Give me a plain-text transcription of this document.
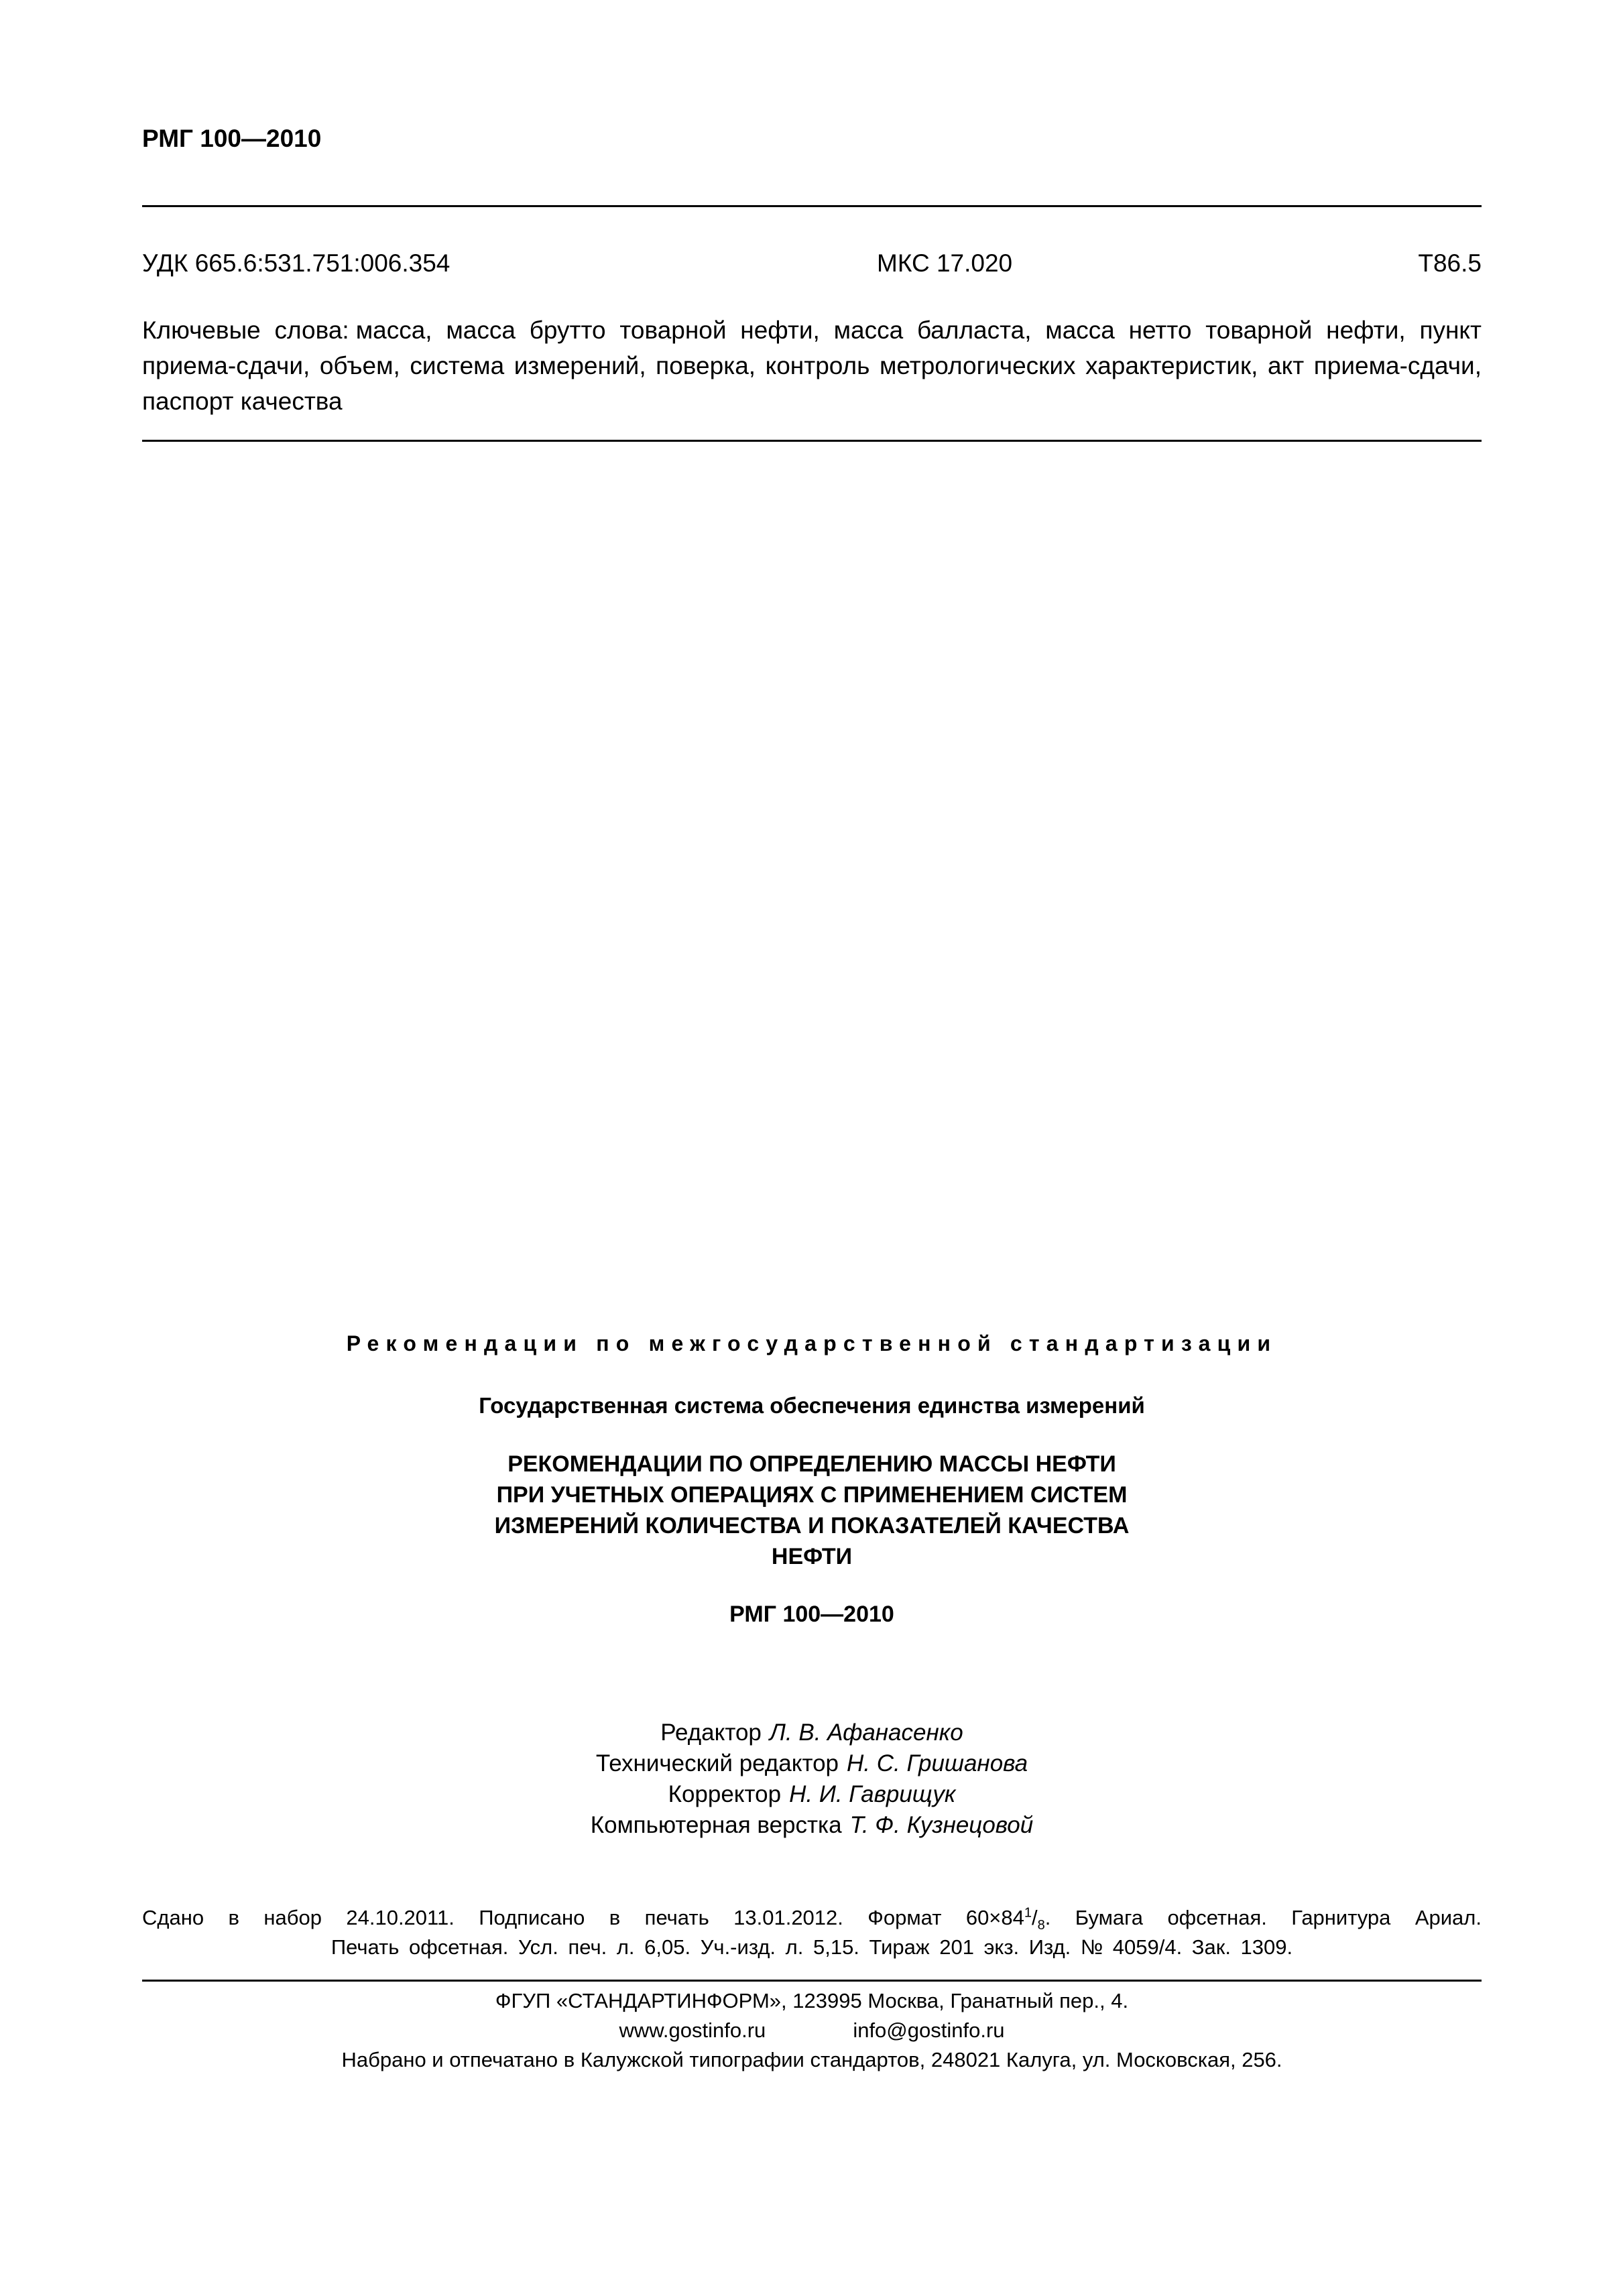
РМГ 100—2010
УДК 665.6:531.751:006.354	МКС 17.020	Т86.5
Ключевые слова: масса, масса брутто товарной нефти, масса балласта, масса нетто товарной нефти, пункт приема-сдачи, объем, система измерений, поверка, контроль метрологических характеристик, акт приема-сдачи, паспорт качества
Рекомендации по межгосударственной стандартизации
Государственная система обеспечения единства измерений
РЕКОМЕНДАЦИИ ПО ОПРЕДЕЛЕНИЮ МАССЫ НЕФТИ
ПРИ УЧЕТНЫХ ОПЕРАЦИЯХ С ПРИМЕНЕНИЕМ СИСТЕМ
ИЗМЕРЕНИЙ КОЛИЧЕСТВА И ПОКАЗАТЕЛЕЙ КАЧЕСТВА
НЕФТИ
РМГ 100—2010
Редактор Л. В. Афанасенко
Технический редактор Н. С. Гришанова
Корректор Н. И. Гаврищук
Компьютерная верстка Т. Ф. Кузнецовой
Сдано в набор 24.10.2011. Подписано в печать 13.01.2012. Формат $60\times 84^1/_8$. Бумага офсетная. Гарнитура Ариал.
Печать офсетная. Усл. печ. л. 6,05. Уч.-изд. л. 5,15. Тираж 201 экз. Изд. № 4059/4. Зак. 1309.
ФГУП «СТАНДАРТИНФОРМ», 123995 Москва, Гранатный пер., 4.
www.gostinfo.ru	info@gostinfo.ru
Набрано и отпечатано в Калужской типографии стандартов, 248021 Калуга, ул. Московская, 256.
